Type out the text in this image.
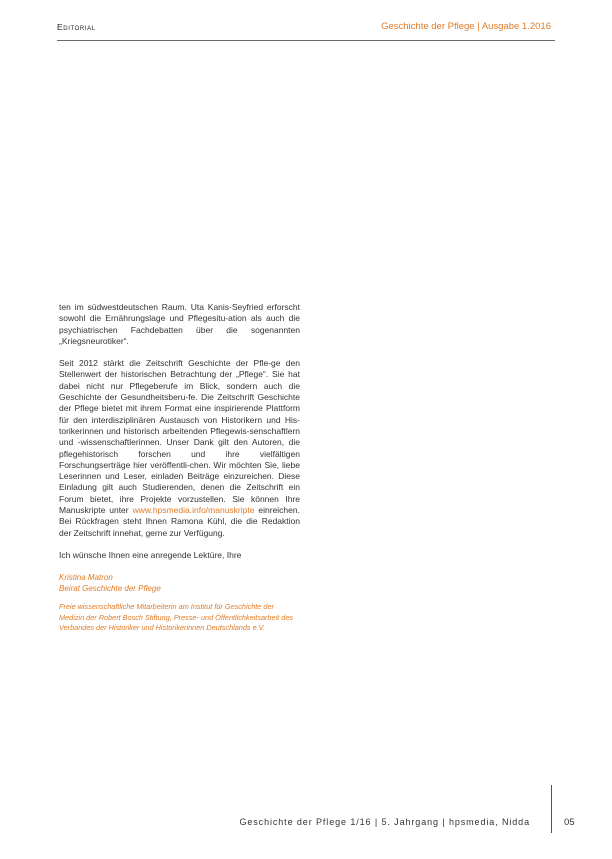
Editorial	Geschichte der Pflege | Ausgabe 1.2016

ten im südwestdeutschen Raum. Uta Kanis-Seyfried erforscht sowohl die Ernährungslage und Pflegesitu-ation als auch die psychiatrischen Fachdebatten über die sogenannten „Kriegsneurotiker“.

Seit 2012 stärkt die Zeitschrift Geschichte der Pfle-ge den Stellenwert der historischen Betrachtung der „Pflege“. Sie hat dabei nicht nur Pflegeberufe im Blick, sondern auch die Geschichte der Gesundheitsberu-fe. Die Zeitschrift Geschichte der Pflege bietet mit ihrem Format eine inspirierende Plattform für den interdisziplinären Austausch von Historikern und His-torikerinnen und historisch arbeitenden Pflegewis-senschaftlern und -wissenschaftlerinnen. Unser Dank gilt den Autoren, die pflegehistorisch forschen und ihre vielfältigen Forschungserträge hier veröffentli-chen. Wir möchten Sie, liebe Leserinnen und Leser, einladen Beiträge einzureichen. Diese Einladung gilt auch Studierenden, denen die Zeitschrift ein Forum bietet, ihre Projekte vorzustellen. Sie können Ihre Manuskripte unter www.hpsmedia.info/manuskripte einreichen. Bei Rückfragen steht Ihnen Ramona Kühl, die die Redaktion der Zeitschrift innehat, gerne zur Verfügung.

Ich wünsche Ihnen eine anregende Lektüre, Ihre

Kristina Matron

Beirat Geschichte der Pflege

Freie wissenschaftliche Mitarbeiterin am Institut für Geschichte der Medizin der Robert Bosch Stiftung, Presse- und Öffentlichkeitsarbeit des Verbandes der Historiker und Historikerinnen Deutschlands e.V.

Geschichte der Pflege 1/16 | 5. Jahrgang | hpsmedia, Nidda	05
